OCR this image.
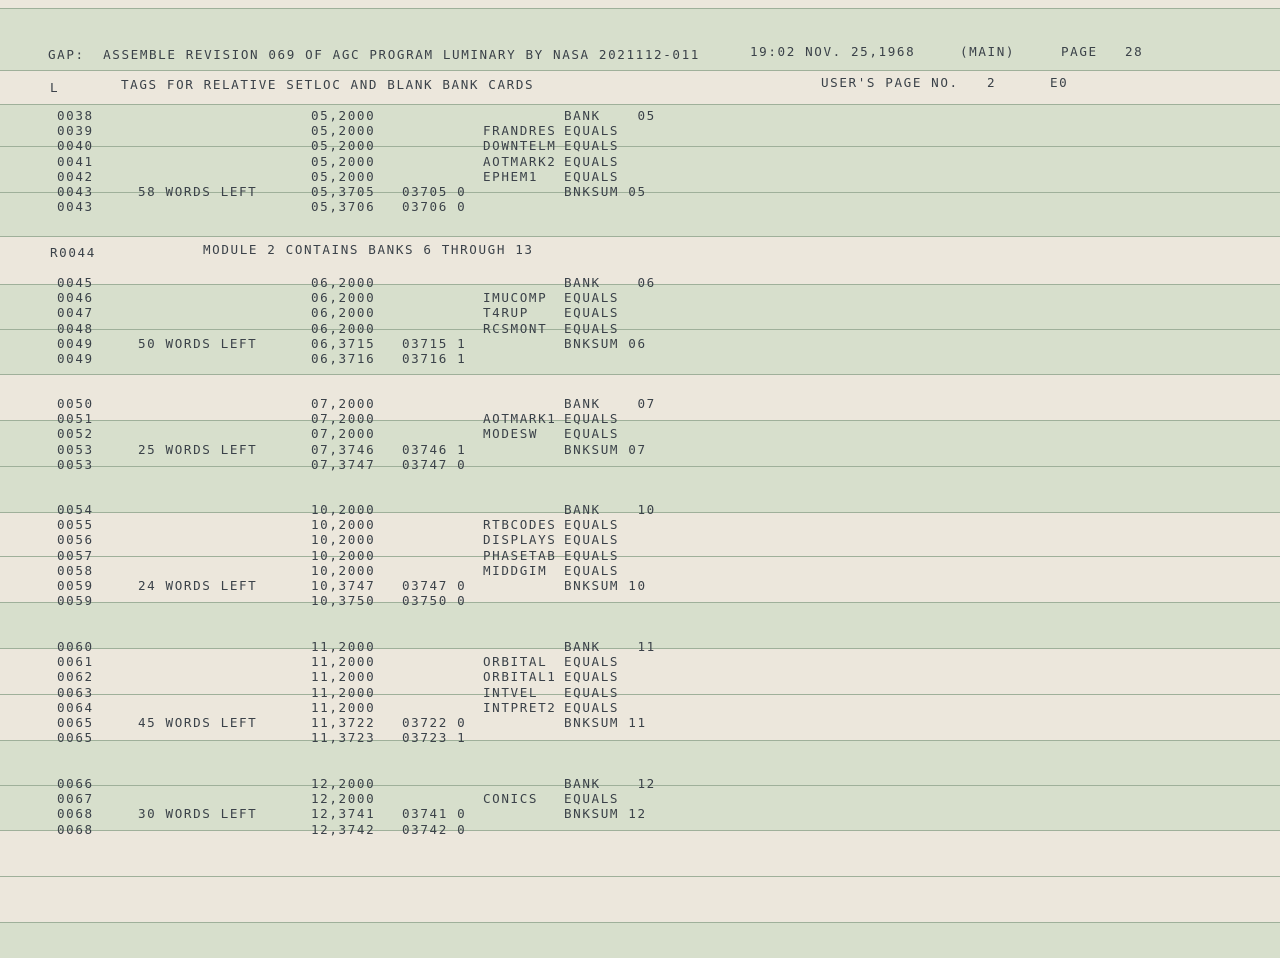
GAP:  ASSEMBLE REVISION 069 OF AGC PROGRAM LUMINARY BY NASA 2021112-011	19:02 NOV. 25,1968	(MAIN)	PAGE 28
L	TAGS FOR RELATIVE SETLOC AND BLANK BANK CARDS	USER'S PAGE NO. 2	E0
0038	05,2000	BANK    05
0039	05,2000	FRANDRES EQUALS
0040	05,2000	DOWNTELM EQUALS
0041	05,2000	AOTMARK2 EQUALS
0042	05,2000	EPHEM1 EQUALS
0043	58 WORDS LEFT	05,3705 03705 0	BNKSUM 05
0043	05,3706 03706 0
R0044	MODULE 2 CONTAINS BANKS 6 THROUGH 13
0045	06,2000	BANK    06
0046	06,2000	IMUCOMP EQUALS
0047	06,2000	T4RUP	EQUALS
0048	06,2000	RCSMONT EQUALS
0049	50 WORDS LEFT	06,3715 03715 1	BNKSUM 06
0049	06,3716 03716 1
0050	07,2000	BANK    07
0051	07,2000	AOTMARK1 EQUALS
0052	07,2000	MODESW EQUALS
0053	25 WORDS LEFT	07,3746 03746 1	BNKSUM 07
0053	07,3747 03747 0
0054	10,2000	BANK    10
0055	10,2000	RTBCODES EQUALS
0056	10,2000	DISPLAYS EQUALS
0057	10,2000	PHASETAB EQUALS
0058	10,2000	MIDDGIM EQUALS
0059	24 WORDS LEFT	10,3747 03747 0	BNKSUM 10
0059	10,3750 03750 0
0060	11,2000	BANK    11
0061	11,2000	ORBITAL EQUALS
0062	11,2000	ORBITAL1 EQUALS
0063	11,2000	INTVEL EQUALS
0064	11,2000	INTPRET2 EQUALS
0065	45 WORDS LEFT	11,3722 03722 0	BNKSUM 11
0065	11,3723 03723 1
0066	12,2000	BANK    12
0067	12,2000	CONICS EQUALS
0068	30 WORDS LEFT	12,3741 03741 0	BNKSUM 12
0068	12,3742 03742 0
